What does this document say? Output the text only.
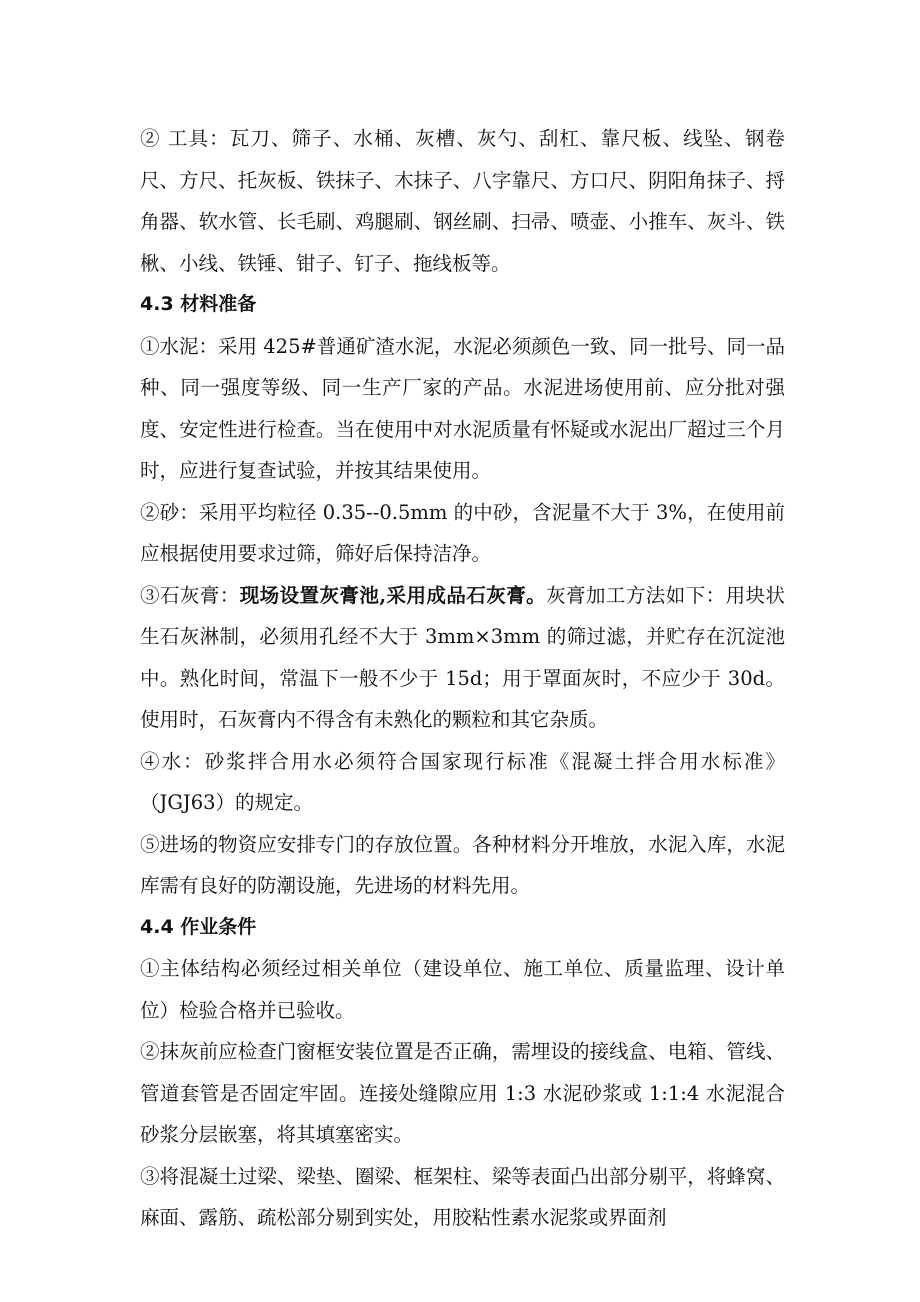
② 工具：瓦刀、筛子、水桶、灰槽、灰勺、刮杠、靠尺板、线坠、钢卷尺、方尺、托灰板、铁抹子、木抹子、八字靠尺、方口尺、阴阳角抹子、捋角器、软水管、长毛刷、鸡腿刷、钢丝刷、扫帚、喷壶、小推车、灰斗、铁楸、小线、铁锤、钳子、钉子、拖线板等。

4.3 材料准备

①水泥：采用 425#普通矿渣水泥，水泥必须颜色一致、同一批号、同一品种、同一强度等级、同一生产厂家的产品。水泥进场使用前、应分批对强度、安定性进行检查。当在使用中对水泥质量有怀疑或水泥出厂超过三个月时，应进行复查试验，并按其结果使用。

②砂：采用平均粒径 0.35--0.5mm 的中砂，含泥量不大于 3%，在使用前应根据使用要求过筛，筛好后保持洁净。

③石灰膏：现场设置灰膏池,采用成品石灰膏。灰膏加工方法如下：用块状生石灰淋制，必须用孔经不大于 3mm×3mm 的筛过滤，并贮存在沉淀池中。熟化时间，常温下一般不少于 15d；用于罩面灰时，不应少于 30d。使用时，石灰膏内不得含有未熟化的颗粒和其它杂质。

④水：砂浆拌合用水必须符合国家现行标准《混凝土拌合用水标准》（JGJ63）的规定。

⑤进场的物资应安排专门的存放位置。各种材料分开堆放，水泥入库，水泥库需有良好的防潮设施，先进场的材料先用。

4.4 作业条件

①主体结构必须经过相关单位（建设单位、施工单位、质量监理、设计单位）检验合格并已验收。

②抹灰前应检查门窗框安装位置是否正确，需埋设的接线盒、电箱、管线、管道套管是否固定牢固。连接处缝隙应用 1:3 水泥砂浆或 1:1:4 水泥混合砂浆分层嵌塞，将其填塞密实。

③将混凝土过梁、梁垫、圈梁、框架柱、梁等表面凸出部分剔平，将蜂窝、麻面、露筋、疏松部分剔到实处，用胶粘性素水泥浆或界面剂
